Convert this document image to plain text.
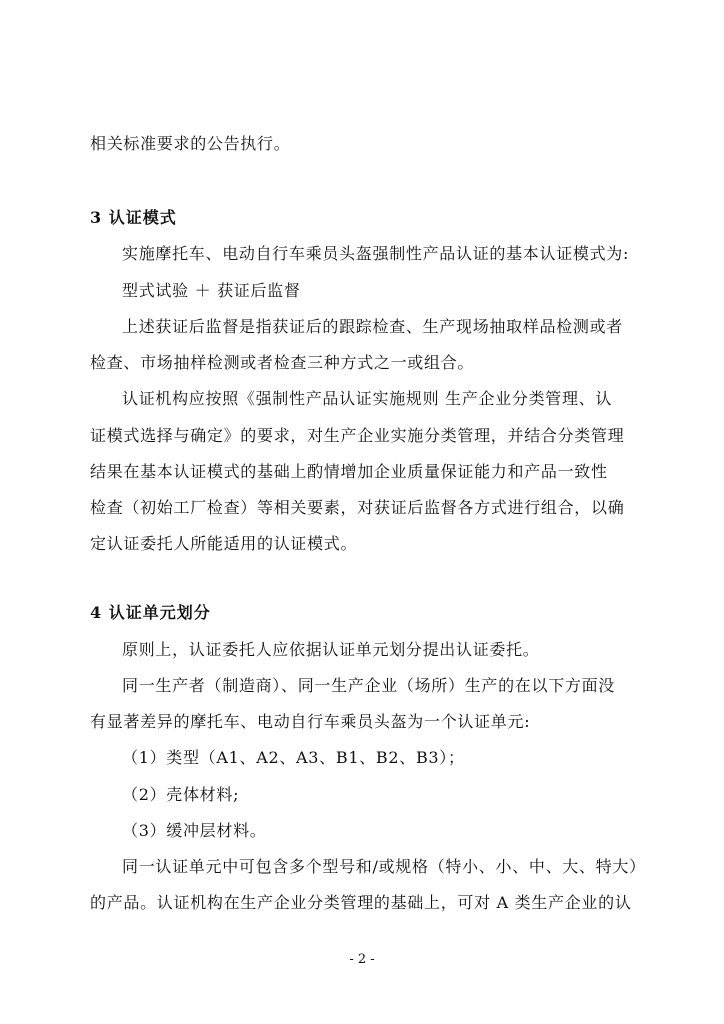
相关标准要求的公告执行。
3 认证模式
实施摩托车、电动自行车乘员头盔强制性产品认证的基本认证模式为:
型式试验 ＋ 获证后监督
上述获证后监督是指获证后的跟踪检查、生产现场抽取样品检测或者
检查、市场抽样检测或者检查三种方式之一或组合。
认证机构应按照《强制性产品认证实施规则 生产企业分类管理、认
证模式选择与确定》的要求，对生产企业实施分类管理，并结合分类管理
结果在基本认证模式的基础上酌情增加企业质量保证能力和产品一致性
检查（初始工厂检查）等相关要素，对获证后监督各方式进行组合，以确
定认证委托人所能适用的认证模式。
4 认证单元划分
原则上，认证委托人应依据认证单元划分提出认证委托。
同一生产者（制造商）、同一生产企业（场所）生产的在以下方面没
有显著差异的摩托车、电动自行车乘员头盔为一个认证单元:
（1）类型（A1、A2、A3、B1、B2、B3）；
（2）壳体材料;
（3）缓冲层材料。
同一认证单元中可包含多个型号和/或规格（特小、小、中、大、特大）
的产品。认证机构在生产企业分类管理的基础上，可对 A 类生产企业的认
- 2 -
